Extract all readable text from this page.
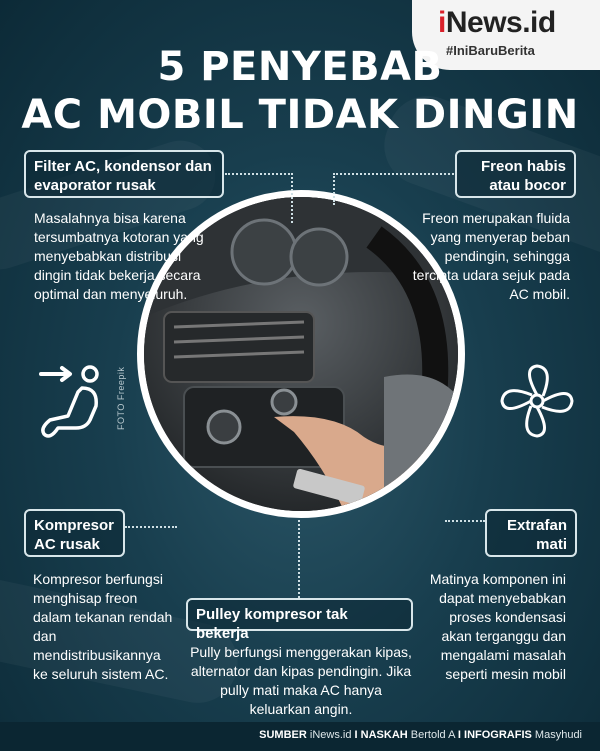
iNews.id
#IniBaruBerita
5 PENYEBAB
AC MOBIL TIDAK DINGIN
FOTO Freepik
Filter AC, kondensor dan evaporator rusak
Masalahnya bisa karena tersumbatnya kotoran yang menyebabkan distribusi dingin tidak bekerja secara optimal dan menyeluruh.
Freon habis
atau bocor
Freon merupakan fluida yang menyerap beban pendingin, sehingga tercipta udara sejuk pada AC mobil.
Kompresor
AC rusak
Kompresor berfungsi menghisap freon dalam tekanan rendah dan mendistribusikannya ke seluruh sistem AC.
Extrafan
mati
Matinya komponen ini dapat menyebabkan proses kondensasi akan terganggu dan mengalami masalah seperti mesin mobil
Pulley kompresor tak bekerja
Pully berfungsi menggerakan kipas, alternator dan kipas pendingin. Jika pully mati maka AC hanya keluarkan angin.
SUMBER iNews.id I NASKAH Bertold A I INFOGRAFIS Masyhudi
